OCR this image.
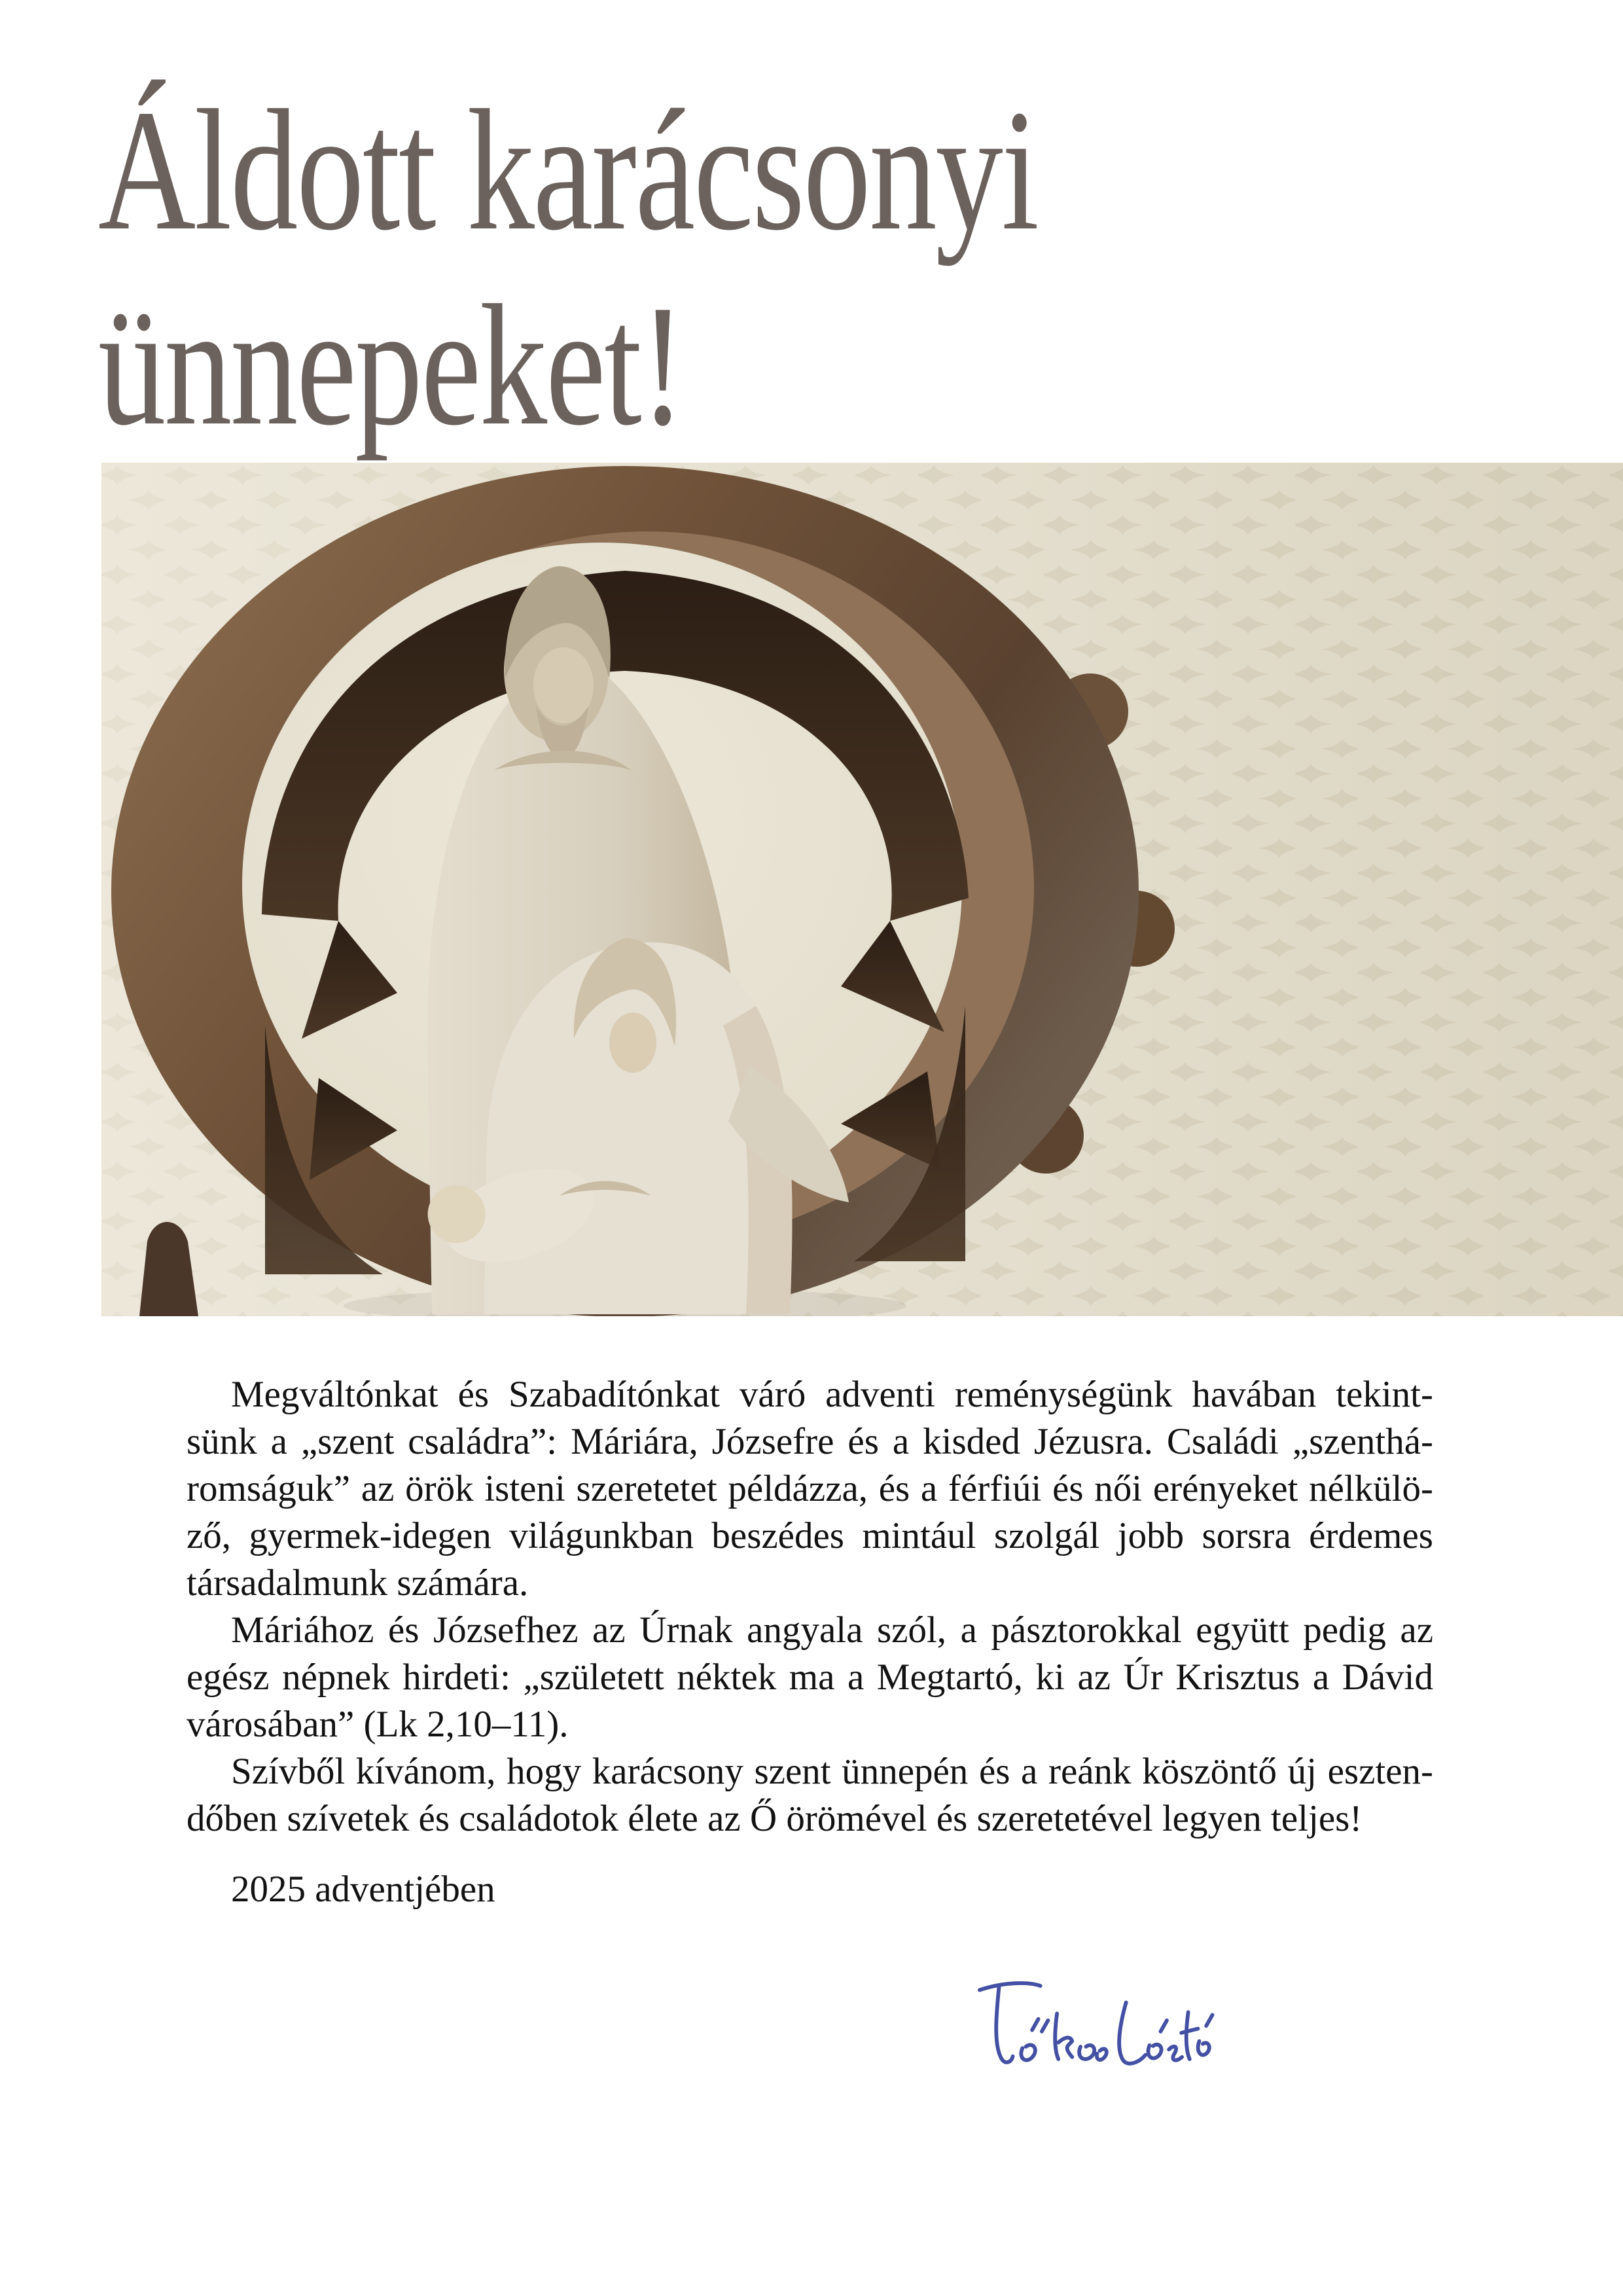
Áldott karácsonyi
ünnepeket!

Megváltónkat és Szabadítónkat váró adventi reménységünk havában tekint-
sünk a „szent családra”: Máriára, Józsefre és a kisded Jézusra. Családi „szenthá-
romságuk” az örök isteni szeretetet példázza, és a férfiúi és női erényeket nélkülö-
ző, gyermek-idegen világunkban beszédes mintául szolgál jobb sorsra érdemes
társadalmunk számára.

Máriához és Józsefhez az Úrnak angyala szól, a pásztorokkal együtt pedig az
egész népnek hirdeti: „született néktek ma a Megtartó, ki az Úr Krisztus a Dávid
városában” (Lk 2,10–11).

Szívből kívánom, hogy karácsony szent ünnepén és a reánk köszöntő új eszten-
dőben szívetek és családotok élete az Ő örömével és szeretetével legyen teljes!

2025 adventjében
